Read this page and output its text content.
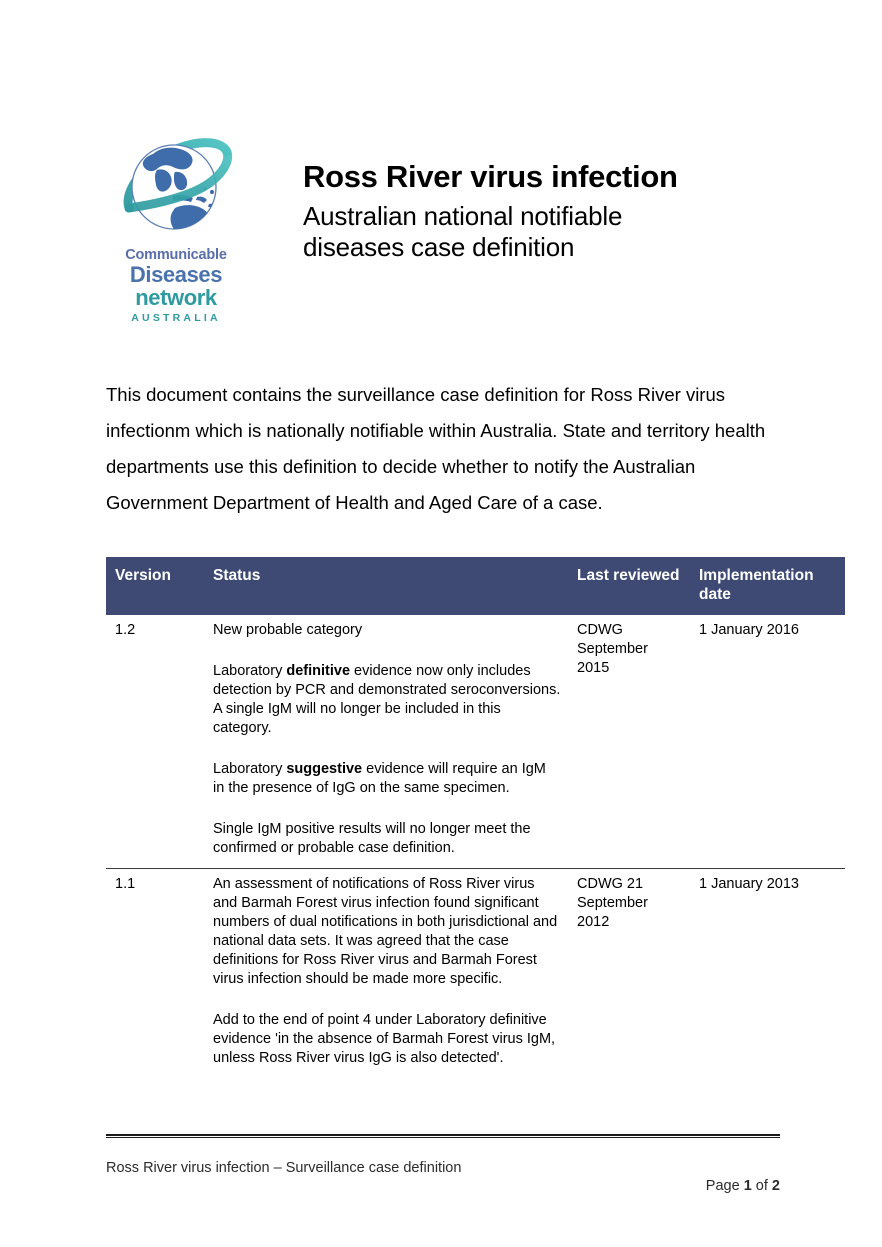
Communicable
Diseases
network
AUSTRALIA
Ross River virus infection
Australian national notifiable
diseases case definition

This document contains the surveillance case definition for Ross River virus infectionm which is nationally notifiable within Australia. State and territory health departments use this definition to decide whether to notify the Australian Government Department of Health and Aged Care of a case.

Version	Status	Last reviewed	Implementation date
1.2	New probable category

Laboratory definitive evidence now only includes detection by PCR and demonstrated seroconversions. A single IgM will no longer be included in this category.

Laboratory suggestive evidence will require an IgM in the presence of IgG on the same specimen.

Single IgM positive results will no longer meet the confirmed or probable case definition.	CDWG September 2015	1 January 2016
1.1	An assessment of notifications of Ross River virus and Barmah Forest virus infection found significant numbers of dual notifications in both jurisdictional and national data sets. It was agreed that the case definitions for Ross River virus and Barmah Forest virus infection should be made more specific.

Add to the end of point 4 under Laboratory definitive evidence 'in the absence of Barmah Forest virus IgM, unless Ross River virus IgG is also detected'.	CDWG 21 September 2012	1 January 2013
Ross River virus infection – Surveillance case definition
Page 1 of 2
